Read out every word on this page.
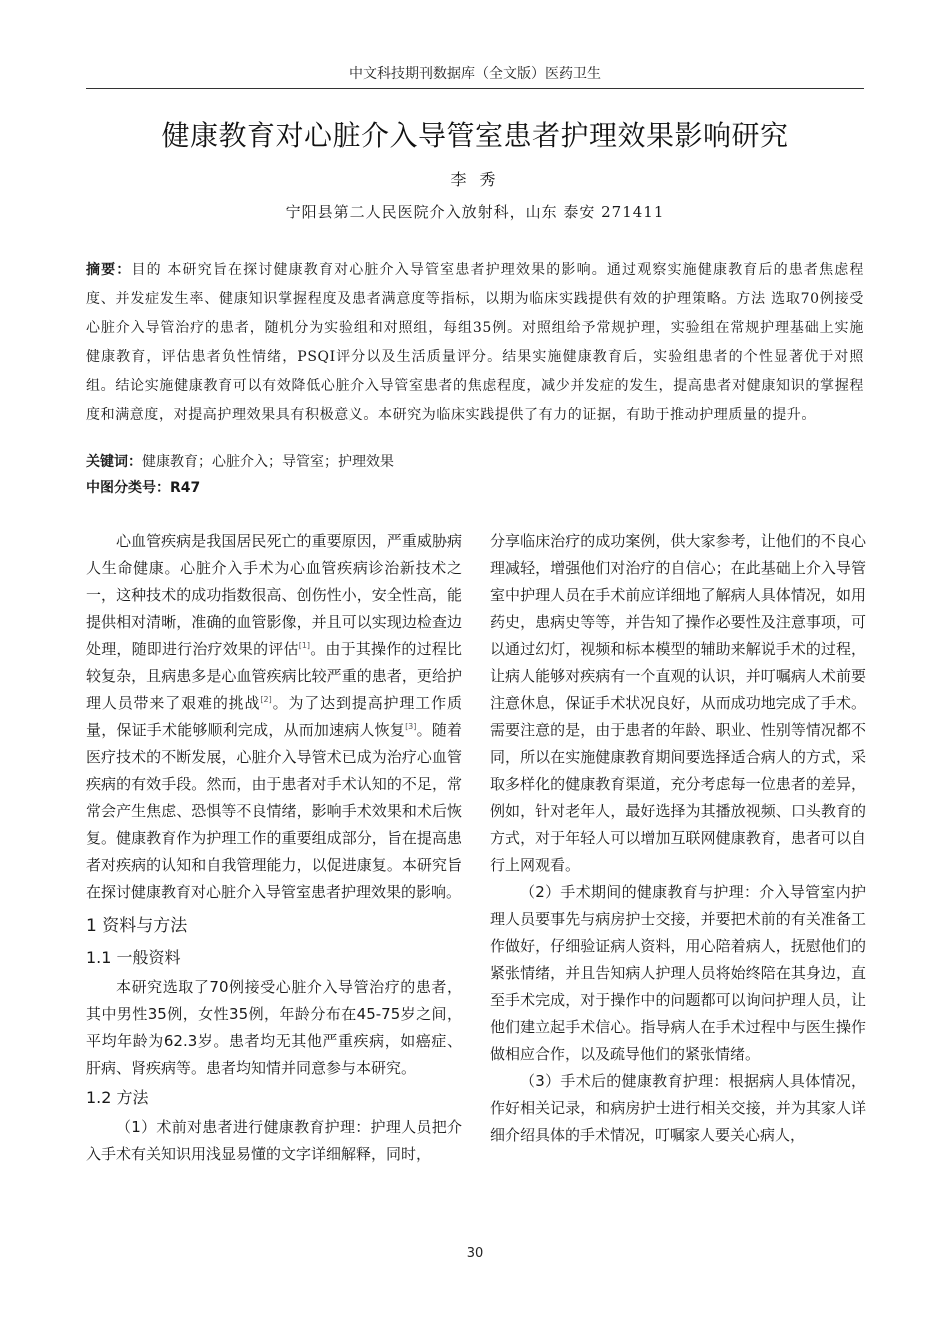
中文科技期刊数据库（全文版）医药卫生
健康教育对心脏介入导管室患者护理效果影响研究
李 秀
宁阳县第二人民医院介入放射科，山东 泰安 271411
摘要：目的 本研究旨在探讨健康教育对心脏介入导管室患者护理效果的影响。通过观察实施健康教育后的患者焦虑程度、并发症发生率、健康知识掌握程度及患者满意度等指标，以期为临床实践提供有效的护理策略。方法 选取70例接受心脏介入导管治疗的患者，随机分为实验组和对照组，每组35例。对照组给予常规护理，实验组在常规护理基础上实施健康教育，评估患者负性情绪，PSQI评分以及生活质量评分。结果实施健康教育后，实验组患者的个性显著优于对照组。结论实施健康教育可以有效降低心脏介入导管室患者的焦虑程度，减少并发症的发生，提高患者对健康知识的掌握程度和满意度，对提高护理效果具有积极意义。本研究为临床实践提供了有力的证据，有助于推动护理质量的提升。
关键词：健康教育；心脏介入；导管室；护理效果
中图分类号：R47

心血管疾病是我国居民死亡的重要原因，严重威胁病人生命健康。心脏介入手术为心血管疾病诊治新技术之一，这种技术的成功指数很高、创伤性小，安全性高，能提供相对清晰，准确的血管影像，并且可以实现边检查边处理，随即进行治疗效果的评估[1]。由于其操作的过程比较复杂，且病患多是心血管疾病比较严重的患者，更给护理人员带来了艰难的挑战[2]。为了达到提高护理工作质量，保证手术能够顺利完成，从而加速病人恢复[3]。随着医疗技术的不断发展，心脏介入导管术已成为治疗心血管疾病的有效手段。然而，由于患者对手术认知的不足，常常会产生焦虑、恐惧等不良情绪，影响手术效果和术后恢复。健康教育作为护理工作的重要组成部分，旨在提高患者对疾病的认知和自我管理能力，以促进康复。本研究旨在探讨健康教育对心脏介入导管室患者护理效果的影响。

1 资料与方法
1.1 一般资料

本研究选取了70例接受心脏介入导管治疗的患者，其中男性35例，女性35例，年龄分布在45-75岁之间，平均年龄为62.3岁。患者均无其他严重疾病，如癌症、肝病、肾疾病等。患者均知情并同意参与本研究。

1.2 方法

（1）术前对患者进行健康教育护理：护理人员把介入手术有关知识用浅显易懂的文字详细解释，同时，

分享临床治疗的成功案例，供大家参考，让他们的不良心理减轻，增强他们对治疗的自信心；在此基础上介入导管室中护理人员在手术前应详细地了解病人具体情况，如用药史，患病史等等，并告知了操作必要性及注意事项，可以通过幻灯，视频和标本模型的辅助来解说手术的过程，让病人能够对疾病有一个直观的认识，并叮嘱病人术前要注意休息，保证手术状况良好，从而成功地完成了手术。需要注意的是，由于患者的年龄、职业、性别等情况都不同，所以在实施健康教育期间要选择适合病人的方式，采取多样化的健康教育渠道，充分考虑每一位患者的差异，例如，针对老年人，最好选择为其播放视频、口头教育的方式，对于年轻人可以增加互联网健康教育，患者可以自行上网观看。

（2）手术期间的健康教育与护理：介入导管室内护理人员要事先与病房护士交接，并要把术前的有关准备工作做好，仔细验证病人资料，用心陪着病人，抚慰他们的紧张情绪，并且告知病人护理人员将始终陪在其身边，直至手术完成，对于操作中的问题都可以询问护理人员，让他们建立起手术信心。指导病人在手术过程中与医生操作做相应合作，以及疏导他们的紧张情绪。

（3）手术后的健康教育护理：根据病人具体情况，作好相关记录，和病房护士进行相关交接，并为其家人详细介绍具体的手术情况，叮嘱家人要关心病人，

30
